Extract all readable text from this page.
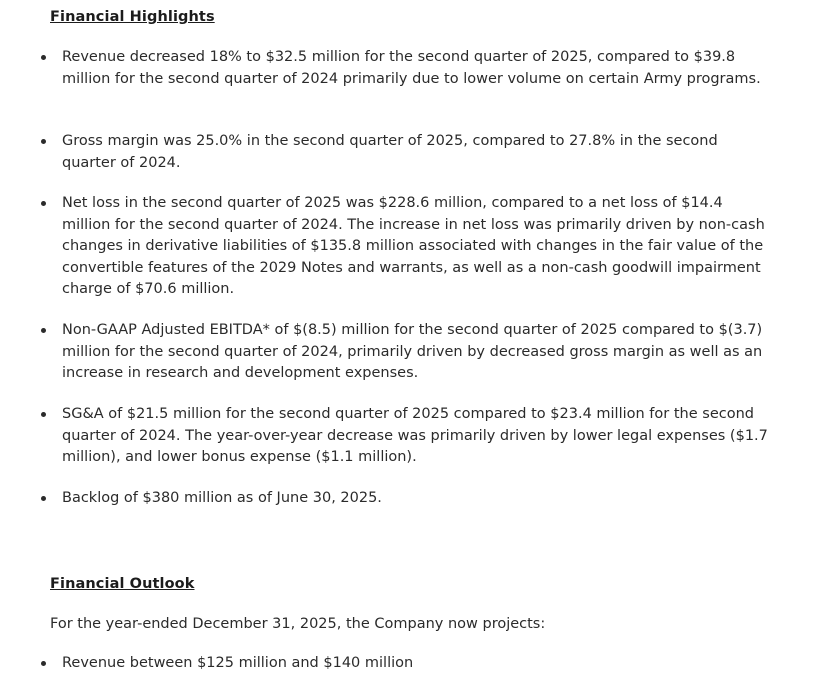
Financial Highlights
Revenue decreased 18% to $32.5 million for the second quarter of 2025, compared to $39.8 million for the second quarter of 2024 primarily due to lower volume on certain Army programs.
Gross margin was 25.0% in the second quarter of 2025, compared to 27.8% in the second quarter of 2024.
Net loss in the second quarter of 2025 was $228.6 million, compared to a net loss of $14.4 million for the second quarter of 2024. The increase in net loss was primarily driven by non-cash changes in derivative liabilities of $135.8 million associated with changes in the fair value of the convertible features of the 2029 Notes and warrants, as well as a non-cash goodwill impairment charge of $70.6 million.
Non-GAAP Adjusted EBITDA* of $(8.5) million for the second quarter of 2025 compared to $(3.7) million for the second quarter of 2024, primarily driven by decreased gross margin as well as an increase in research and development expenses.
SG&A of $21.5 million for the second quarter of 2025 compared to $23.4 million for the second quarter of 2024. The year-over-year decrease was primarily driven by lower legal expenses ($1.7 million), and lower bonus expense ($1.1 million).
Backlog of $380 million as of June 30, 2025.
Financial Outlook
For the year-ended December 31, 2025, the Company now projects:
Revenue between $125 million and $140 million
